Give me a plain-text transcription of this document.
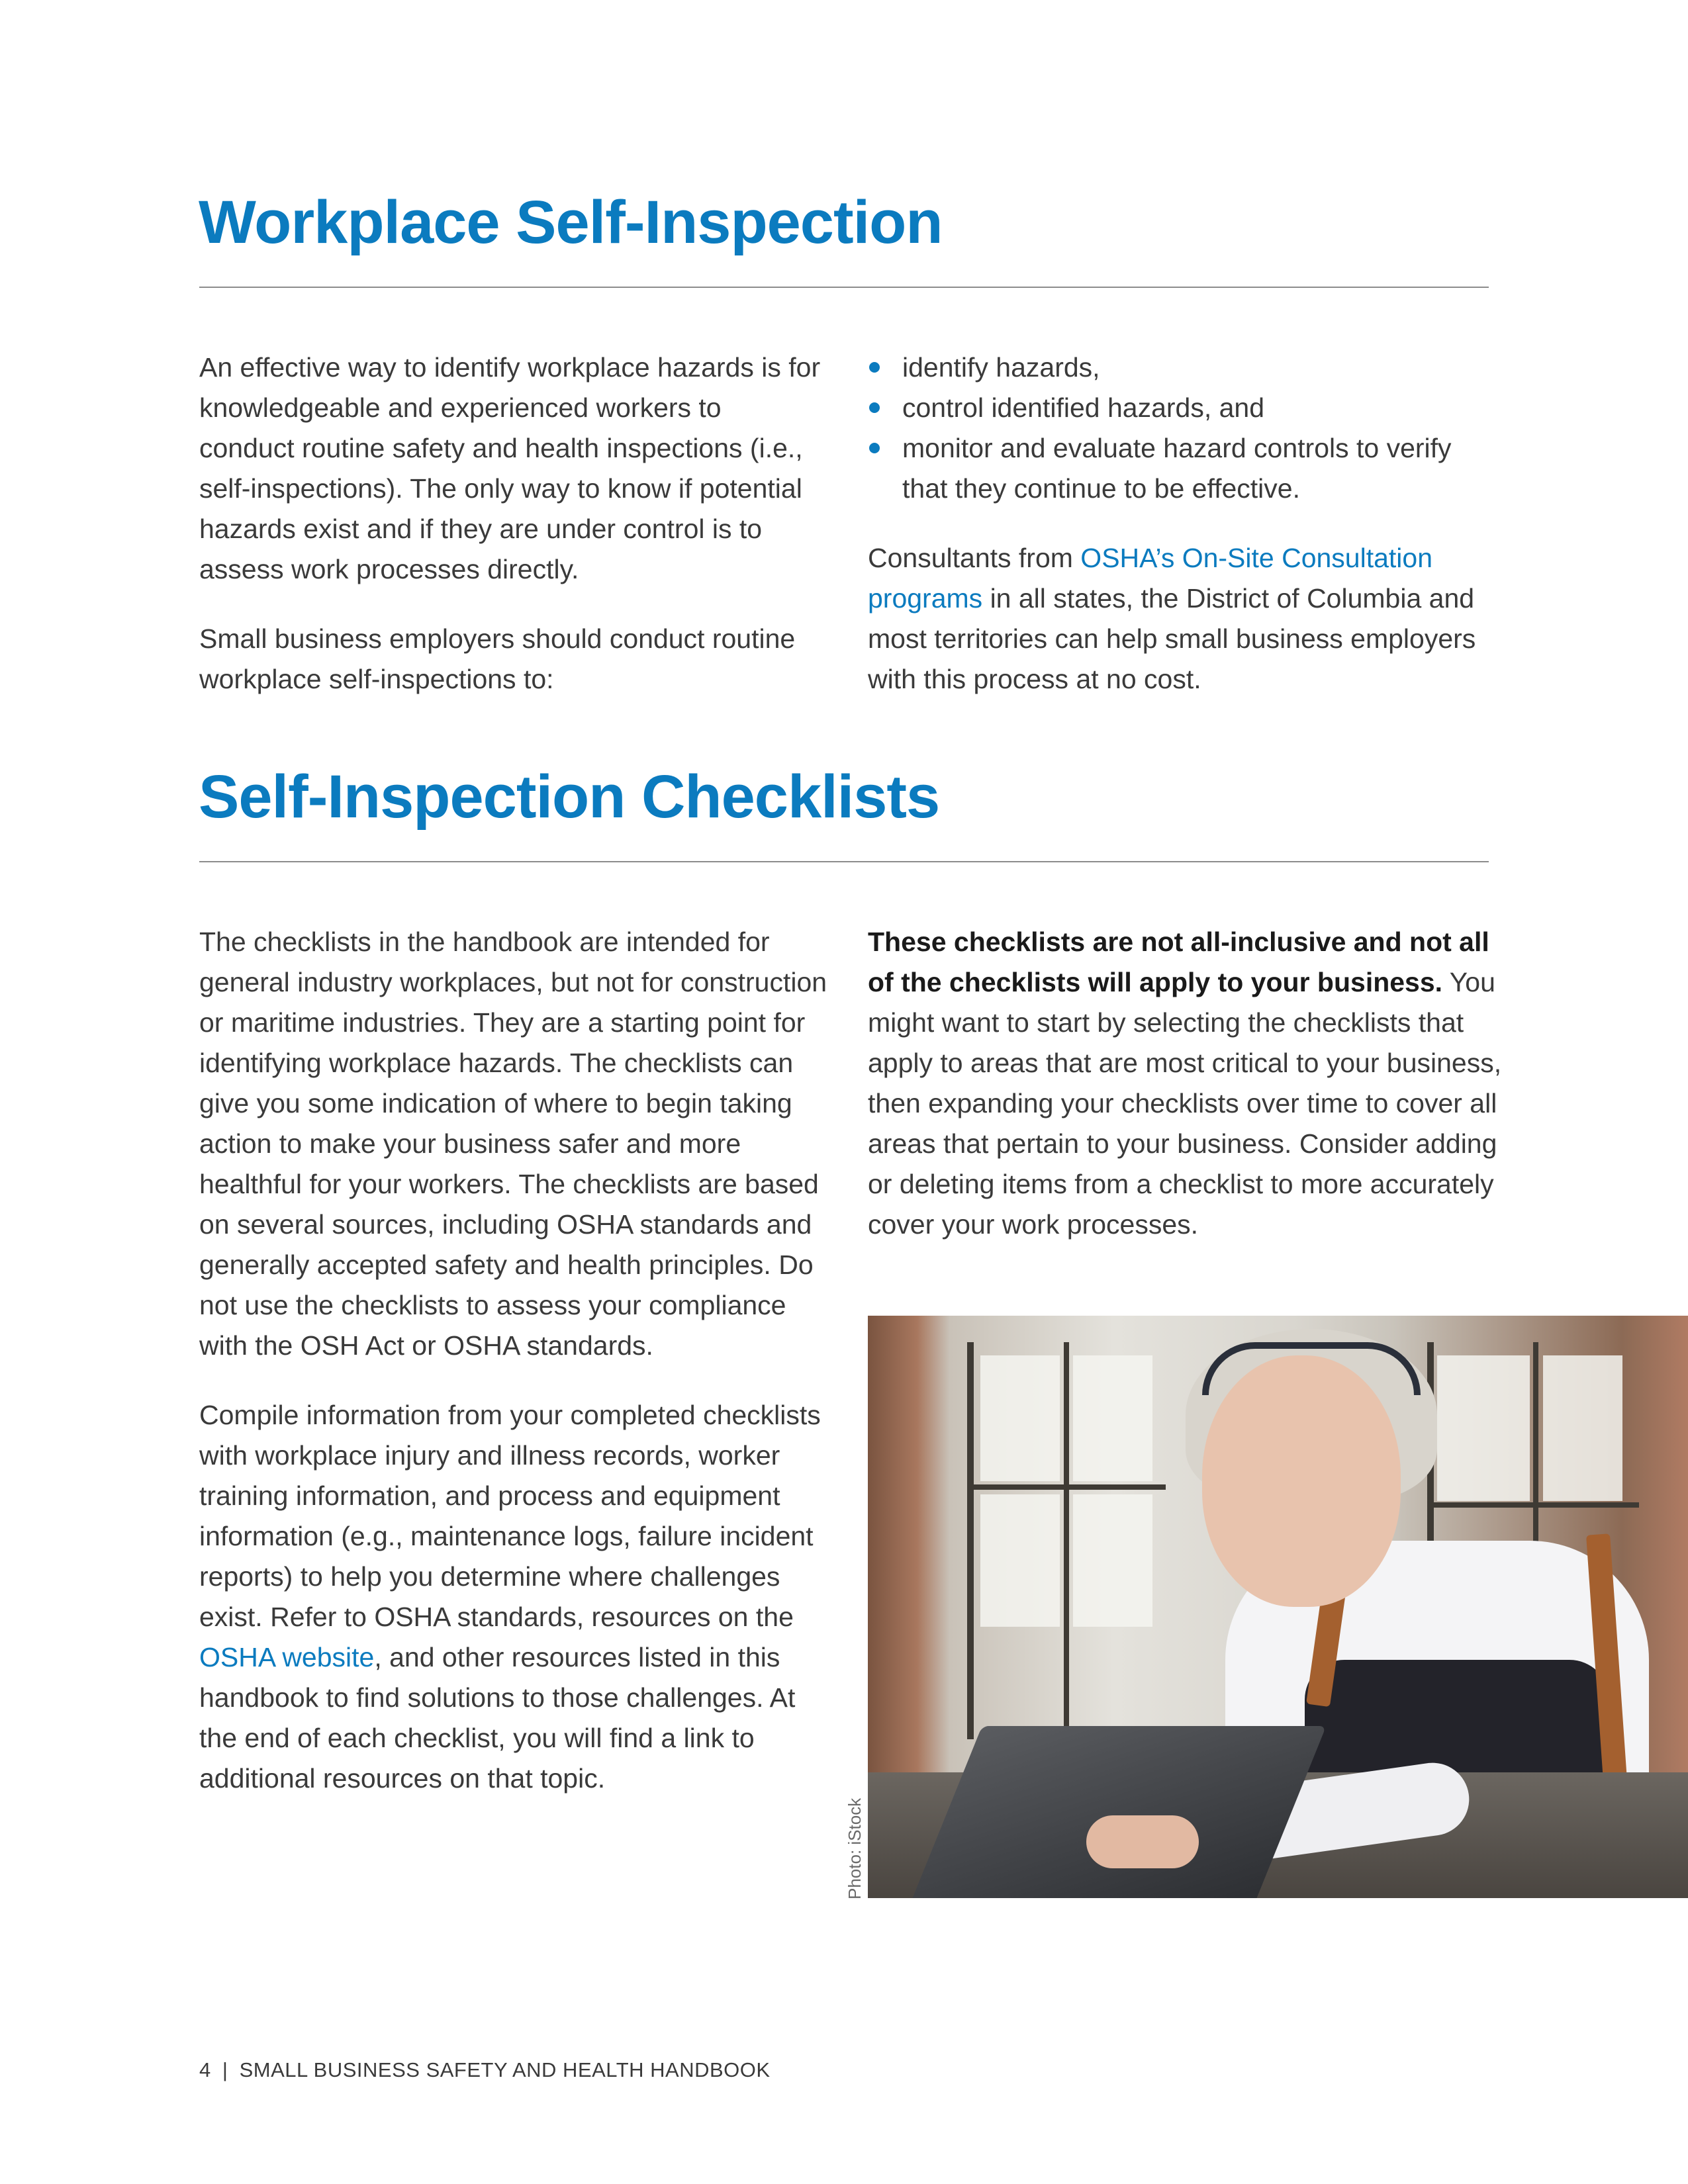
Workplace Self-Inspection

An effective way to identify workplace hazards is for knowledgeable and experienced workers to conduct routine safety and health inspections (i.e., self-inspections). The only way to know if potential hazards exist and if they are under control is to assess work processes directly.

Small business employers should conduct routine workplace self-inspections to:

identify hazards,
control identified hazards, and
monitor and evaluate hazard controls to verify that they continue to be effective.

Consultants from OSHA’s On-Site Consultation programs in all states, the District of Columbia and most territories can help small business employers with this process at no cost.

Self-Inspection Checklists

The checklists in the handbook are intended for general industry workplaces, but not for construction or maritime industries. They are a starting point for identifying workplace hazards. The checklists can give you some indication of where to begin taking action to make your business safer and more healthful for your workers. The checklists are based on several sources, including OSHA standards and generally accepted safety and health principles. Do not use the checklists to assess your compliance with the OSH Act or OSHA standards.

Compile information from your completed checklists with workplace injury and illness records, worker training information, and process and equipment information (e.g., maintenance logs, failure incident reports) to help you determine where challenges exist. Refer to OSHA standards, resources on the OSHA website, and other resources listed in this handbook to find solutions to those challenges. At the end of each checklist, you will find a link to additional resources on that topic.

These checklists are not all-inclusive and not all of the checklists will apply to your business. You might want to start by selecting the checklists that apply to areas that are most critical to your business, then expanding your checklists over time to cover all areas that pertain to your business. Consider adding or deleting items from a checklist to more accurately cover your work processes.

Photo: iStock
4 | SMALL BUSINESS SAFETY AND HEALTH HANDBOOK
